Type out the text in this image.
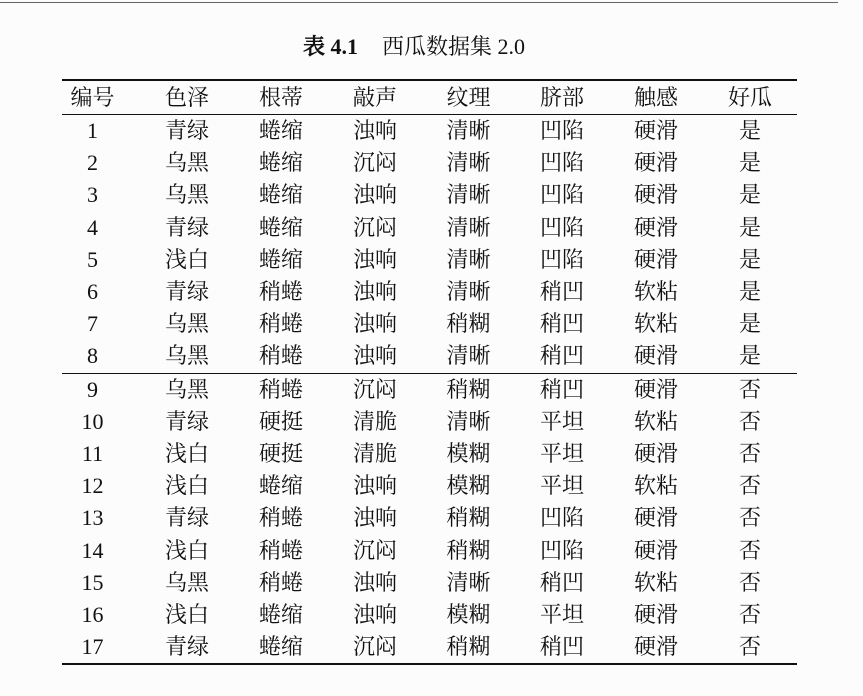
表 4.1 西瓜数据集 2.0
编号	色泽	根蒂	敲声	纹理	脐部	触感	好瓜
1	青绿	蜷缩	浊响	清晰	凹陷	硬滑	是
2	乌黑	蜷缩	沉闷	清晰	凹陷	硬滑	是
3	乌黑	蜷缩	浊响	清晰	凹陷	硬滑	是
4	青绿	蜷缩	沉闷	清晰	凹陷	硬滑	是
5	浅白	蜷缩	浊响	清晰	凹陷	硬滑	是
6	青绿	稍蜷	浊响	清晰	稍凹	软粘	是
7	乌黑	稍蜷	浊响	稍糊	稍凹	软粘	是
8	乌黑	稍蜷	浊响	清晰	稍凹	硬滑	是
9	乌黑	稍蜷	沉闷	稍糊	稍凹	硬滑	否
10	青绿	硬挺	清脆	清晰	平坦	软粘	否
11	浅白	硬挺	清脆	模糊	平坦	硬滑	否
12	浅白	蜷缩	浊响	模糊	平坦	软粘	否
13	青绿	稍蜷	浊响	稍糊	凹陷	硬滑	否
14	浅白	稍蜷	沉闷	稍糊	凹陷	硬滑	否
15	乌黑	稍蜷	浊响	清晰	稍凹	软粘	否
16	浅白	蜷缩	浊响	模糊	平坦	硬滑	否
17	青绿	蜷缩	沉闷	稍糊	稍凹	硬滑	否
